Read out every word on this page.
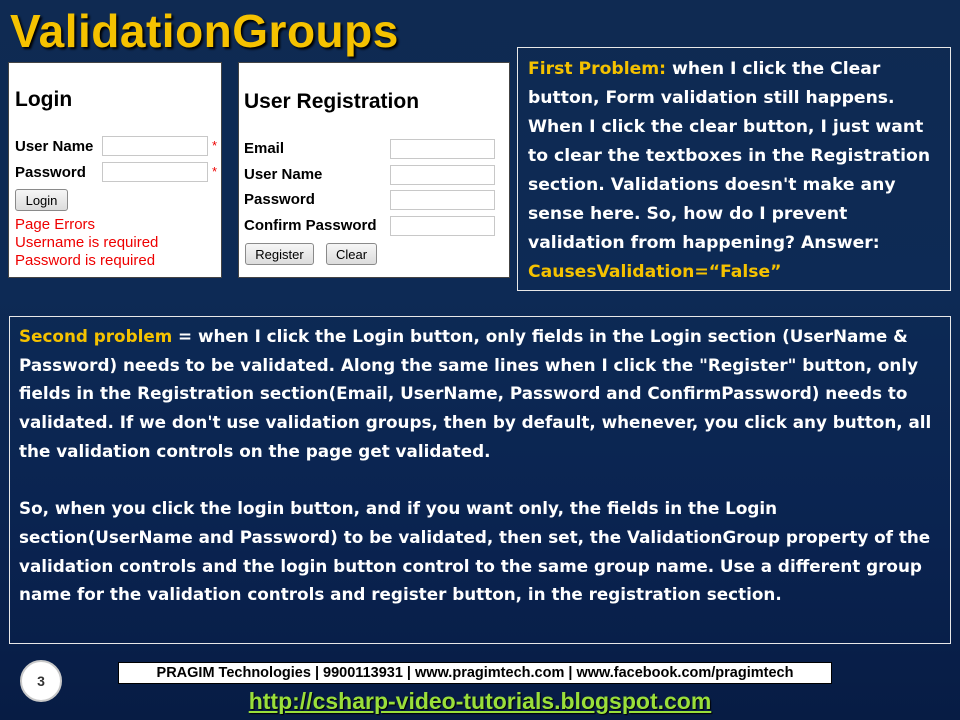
ValidationGroups
Login
User Name	*
Password	*
Login
Page Errors
Username is required
Password is required
User Registration
Email
User Name
Password
Confirm Password
Register	Clear
First Problem: when I click the Clear button, Form validation still happens. When I click the clear button, I just want to clear the textboxes in the Registration section. Validations doesn't make any sense here. So, how do I prevent validation from happening? Answer: CausesValidation=“False”

Second problem = when I click the Login button, only fields in the Login section (UserName & Password) needs to be validated. Along the same lines when I click the "Register" button, only fields in the Registration section(Email, UserName, Password and ConfirmPassword) needs to validated. If we don't use validation groups, then by default, whenever, you click any button, all the validation controls on the page get validated.

So, when you click the login button, and if you want only, the fields in the Login section(UserName and Password) to be validated, then set, the ValidationGroup property of the validation controls and the login button control to the same group name. Use a different group name for the validation controls and register button, in the registration section.

3	PRAGIM Technologies | 9900113931 | www.pragimtech.com | www.facebook.com/pragimtech
http://csharp-video-tutorials.blogspot.com
